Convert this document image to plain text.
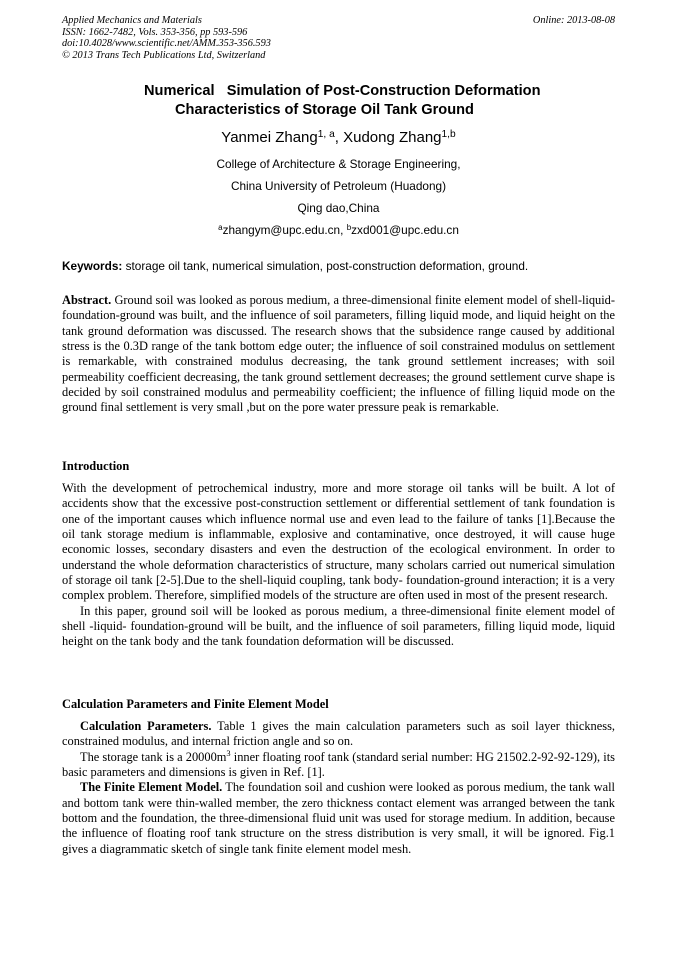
Applied Mechanics and Materials
ISSN: 1662-7482, Vols. 353-356, pp 593-596
doi:10.4028/www.scientific.net/AMM.353-356.593
© 2013 Trans Tech Publications Ltd, Switzerland
Online: 2013-08-08
Numerical   Simulation of Post-Construction Deformation
Characteristics of Storage Oil Tank Ground
Yanmei Zhang$^{1, a}$, Xudong Zhang$^{1,b}$
College of Architecture & Storage Engineering,
China University of Petroleum (Huadong)
Qing dao,China
$^a$zhangym@upc.edu.cn, $^b$zxd001@upc.edu.cn
Keywords: storage oil tank, numerical simulation, post-construction deformation, ground.

Abstract. Ground soil was looked as porous medium, a three-dimensional finite element model of shell-liquid-foundation-ground was built, and the influence of soil parameters, filling liquid mode, and liquid height on the tank ground deformation was discussed. The research shows that the subsidence range caused by additional stress is the 0.3D range of the tank bottom edge outer; the influence of soil constrained modulus on settlement is remarkable, with constrained modulus decreasing, the tank ground settlement increases; with soil permeability coefficient decreasing, the tank ground settlement decreases; the ground settlement curve shape is decided by soil constrained modulus and permeability coefficient; the influence of filling liquid mode on the ground final settlement is very small ,but on the pore water pressure peak is remarkable.

Introduction

With the development of petrochemical industry, more and more storage oil tanks will be built. A lot of accidents show that the excessive post-construction settlement or differential settlement of tank foundation is one of the important causes which influence normal use and even lead to the failure of tanks [1].Because the oil tank storage medium is inflammable, explosive and contaminative, once destroyed, it will cause huge economic losses, secondary disasters and even the destruction of the ecological environment. In order to understand the whole deformation characteristics of structure, many scholars carried out numerical simulation of storage oil tank [2-5].Due to the shell-liquid coupling, tank body- foundation-ground interaction; it is a very complex problem. Therefore, simplified models of the structure are often used in most of the present research.

In this paper, ground soil will be looked as porous medium, a three-dimensional finite element model of shell -liquid- foundation-ground will be built, and the influence of soil parameters, filling liquid mode, liquid height on the tank body and the tank foundation deformation will be discussed.

Calculation Parameters and Finite Element Model

Calculation Parameters. Table 1 gives the main calculation parameters such as soil layer thickness, constrained modulus, and internal friction angle and so on.

The storage tank is a $20000m^3$ inner floating roof tank (standard serial number: HG 21502.2-92-92-129), its basic parameters and dimensions is given in Ref. [1].

The Finite Element Model. The foundation soil and cushion were looked as porous medium, the tank wall and bottom tank were thin-walled member, the zero thickness contact element was arranged between the tank bottom and the foundation, the three-dimensional fluid unit was used for storage medium. In addition, because the influence of floating roof tank structure on the stress distribution is very small, it will be ignored. Fig.1 gives a diagrammatic sketch of single tank finite element model mesh.
